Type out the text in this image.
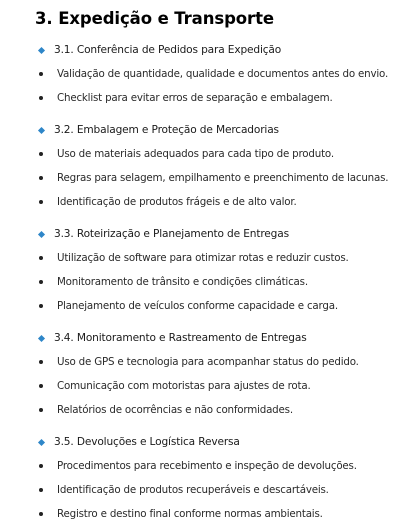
3. Expedição e Transporte
3.1. Conferência de Pedidos para Expedição
Validação de quantidade, qualidade e documentos antes do envio.
Checklist para evitar erros de separação e embalagem.
3.2. Embalagem e Proteção de Mercadorias
Uso de materiais adequados para cada tipo de produto.
Regras para selagem, empilhamento e preenchimento de lacunas.
Identificação de produtos frágeis e de alto valor.
3.3. Roteirização e Planejamento de Entregas
Utilização de software para otimizar rotas e reduzir custos.
Monitoramento de trânsito e condições climáticas.
Planejamento de veículos conforme capacidade e carga.
3.4. Monitoramento e Rastreamento de Entregas
Uso de GPS e tecnologia para acompanhar status do pedido.
Comunicação com motoristas para ajustes de rota.
Relatórios de ocorrências e não conformidades.
3.5. Devoluções e Logística Reversa
Procedimentos para recebimento e inspeção de devoluções.
Identificação de produtos recuperáveis e descartáveis.
Registro e destino final conforme normas ambientais.
